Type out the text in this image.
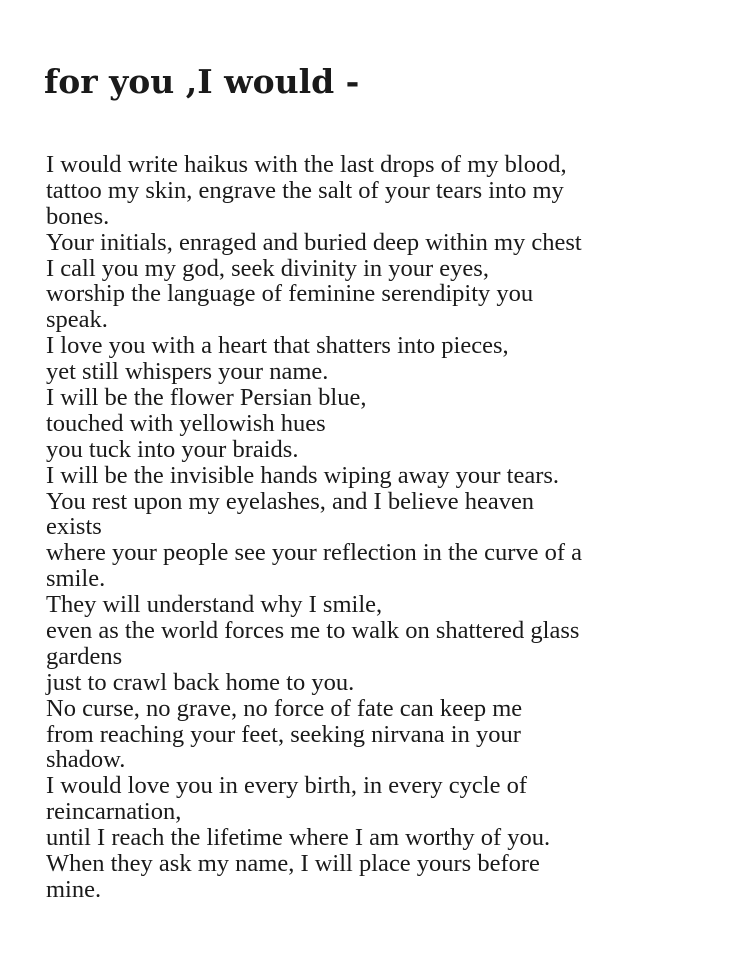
for you ,I would -
I would write haikus with the last drops of my blood,
tattoo my skin, engrave the salt of your tears into my
bones.
Your initials, enraged and buried deep within my chest
I call you my god, seek divinity in your eyes,
worship the language of feminine serendipity you
speak.
I love you with a heart that shatters into pieces,
yet still whispers your name.
I will be the flower Persian blue,
touched with yellowish hues
you tuck into your braids.
I will be the invisible hands wiping away your tears.
You rest upon my eyelashes, and I believe heaven
exists
where your people see your reflection in the curve of a
smile.
They will understand why I smile,
even as the world forces me to walk on shattered glass
gardens
just to crawl back home to you.
No curse, no grave, no force of fate can keep me
from reaching your feet, seeking nirvana in your
shadow.
I would love you in every birth, in every cycle of
reincarnation,
until I reach the lifetime where I am worthy of you.
When they ask my name, I will place yours before
mine.
